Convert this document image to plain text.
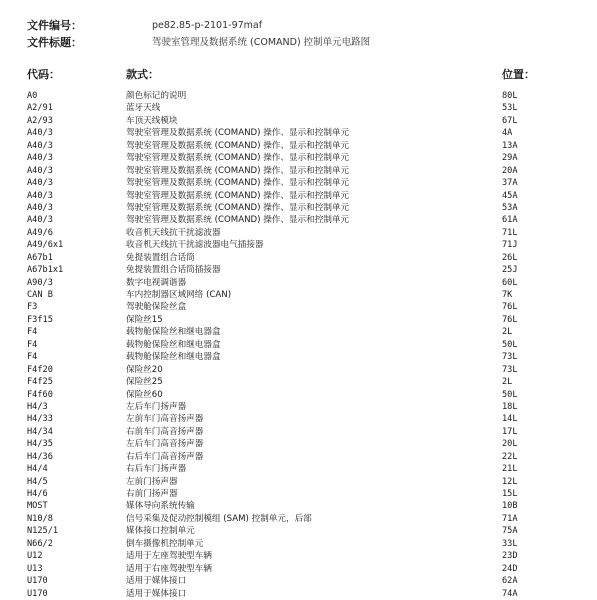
文件编号：	pe82.85-p-2101-97maf
文件标题：	驾驶室管理及数据系统 (COMAND) 控制单元电路图
代码：	款式：	位置：
A0	颜色标记的说明	80L
A2/91	蓝牙天线	53L
A2/93	车顶天线模块	67L
A40/3	驾驶室管理及数据系统 (COMAND) 操作、显示和控制单元	4A
A40/3	驾驶室管理及数据系统 (COMAND) 操作、显示和控制单元	13A
A40/3	驾驶室管理及数据系统 (COMAND) 操作、显示和控制单元	29A
A40/3	驾驶室管理及数据系统 (COMAND) 操作、显示和控制单元	20A
A40/3	驾驶室管理及数据系统 (COMAND) 操作、显示和控制单元	37A
A40/3	驾驶室管理及数据系统 (COMAND) 操作、显示和控制单元	45A
A40/3	驾驶室管理及数据系统 (COMAND) 操作、显示和控制单元	53A
A40/3	驾驶室管理及数据系统 (COMAND) 操作、显示和控制单元	61A
A49/6	收音机天线抗干扰滤波器	71L
A49/6x1	收音机天线抗干扰滤波器电气插接器	71J
A67b1	免提装置组合话筒	26L
A67b1x1	免提装置组合话筒插接器	25J
A90/3	数字电视调谐器	60L
CAN B	车内控制器区域网络 (CAN)	7K
F3	驾驶舱保险丝盒	76L
F3f15	保险丝15	76L
F4	载物舱保险丝和继电器盒	2L
F4	载物舱保险丝和继电器盒	50L
F4	载物舱保险丝和继电器盒	73L
F4f20	保险丝20	73L
F4f25	保险丝25	2L
F4f60	保险丝60	50L
H4/3	左后车门扬声器	18L
H4/33	左前车门高音扬声器	14L
H4/34	右前车门高音扬声器	17L
H4/35	左后车门高音扬声器	20L
H4/36	右后车门高音扬声器	22L
H4/4	右后车门扬声器	21L
H4/5	左前门扬声器	12L
H4/6	右前门扬声器	15L
MOST	媒体导向系统传输	10B
N10/8	信号采集及促动控制模组 (SAM) 控制单元，后部	71A
N125/1	媒体接口控制单元	75A
N66/2	倒车摄像机控制单元	33L
U12	适用于左座驾驶型车辆	23D
U13	适用于右座驾驶型车辆	24D
U170	适用于媒体接口	62A
U170	适用于媒体接口	74A
